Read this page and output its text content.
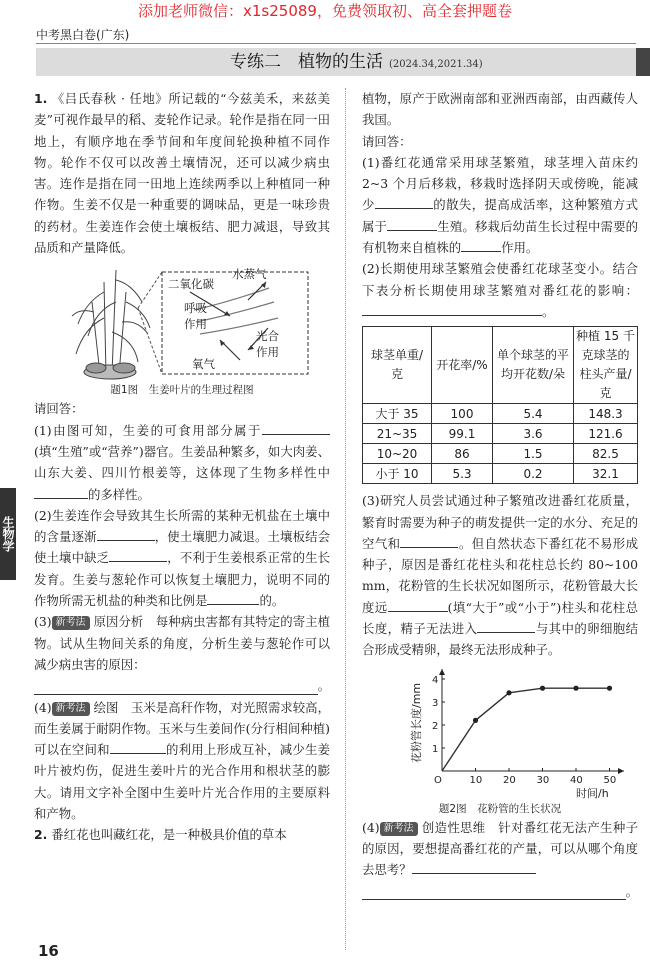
添加老师微信：x1s25089，免费领取初、高全套押题卷
中考黑白卷(广东)
专练二　植物的生活 (2024.34,2021.34)
生物学
1. 《吕氏春秋 · 任地》所记载的“今兹美禾，来兹美麦”可视作最早的稻、麦轮作记录。轮作是指在同一田地上，有顺序地在季节间和年度间轮换种植不同作物。轮作不仅可以改善土壤情况，还可以减少病虫害。连作是指在同一田地上连续两季以上种植同一种作物。生姜不仅是一种重要的调味品，更是一味珍贵的药材。生姜连作会使土壤板结、肥力减退，导致其品质和产量降低。
二氧化碳
水蒸气
呼吸
作用
光合
作用
氧气
题1图　生姜叶片的生理过程图
请回答：
(1)由图可知，生姜的可食用部分属于(填“生殖”或“营养”)器官。生姜品种繁多，如大肉姜、山东大姜、四川竹根姜等，这体现了生物多样性中的多样性。
(2)生姜连作会导致其生长所需的某种无机盐在土壤中的含量逐渐	，使土壤肥力减退。土壤板结会使土壤中缺乏	，不利于生姜根系正常的生长发育。生姜与葱轮作可以恢复土壤肥力，说明不同的作物所需无机盐的种类和比例是	的。
(3) 新考法 原因分析　每种病虫害都有其特定的寄主植物。试从生物间关系的角度，分析生姜与葱轮作可以减少病虫害的原因：
。
(4) 新考法 绘图　玉米是高秆作物，对光照需求较高，而生姜属于耐阴作物。玉米与生姜间作(分行相间种植)可以在空间和	的利用上形成互补，减少生姜叶片被灼伤，促进生姜叶片的光合作用和根状茎的膨大。请用文字补全图中生姜叶片光合作用的主要原料和产物。
2. 番红花也叫藏红花，是一种极具价值的草本
植物，原产于欧洲南部和亚洲西南部，由西藏传人我国。
请回答：
(1)番红花通常采用球茎繁殖，球茎埋入苗床约 2~3 个月后移栽，移栽时选择阴天或傍晚，能减少	的散失，提高成活率，这种繁殖方式属于	生殖。移栽后幼苗生长过程中需要的有机物来自植株的	作用。
(2)长期使用球茎繁殖会使番红花球茎变小。结合下表分析长期使用球茎繁殖对番红花的影响：。
球茎单重/克	开花率/%	单个球茎的平均开花数/朵	种植 15 千克球茎的柱头产量/克
大于 35	100	5.4	148.3
21~35	99.1	3.6	121.6
10~20	86	1.5	82.5
小于 10	5.3	0.2	32.1
(3)研究人员尝试通过种子繁殖改进番红花质量，繁育时需要为种子的萌发提供一定的水分、充足的空气和	。但自然状态下番红花不易形成种子，原因是番红花柱头和花柱总长约 80~100 mm，花粉管的生长状况如图所示，花粉管最大长度远	(填“大于”或“小于”)柱头和花柱总长度，精子无法进入	与其中的卵细胞结合形成受精卵，最终无法形成种子。
10 20 30 40 50
1
2
3
4
O
花粉管长度/mm
时间/h
题2图　花粉管的生长状况
(4) 新考法 创造性思维　针对番红花无法产生种子的原因，要想提高番红花的产量，可以从哪个角度去思考？
。
16
